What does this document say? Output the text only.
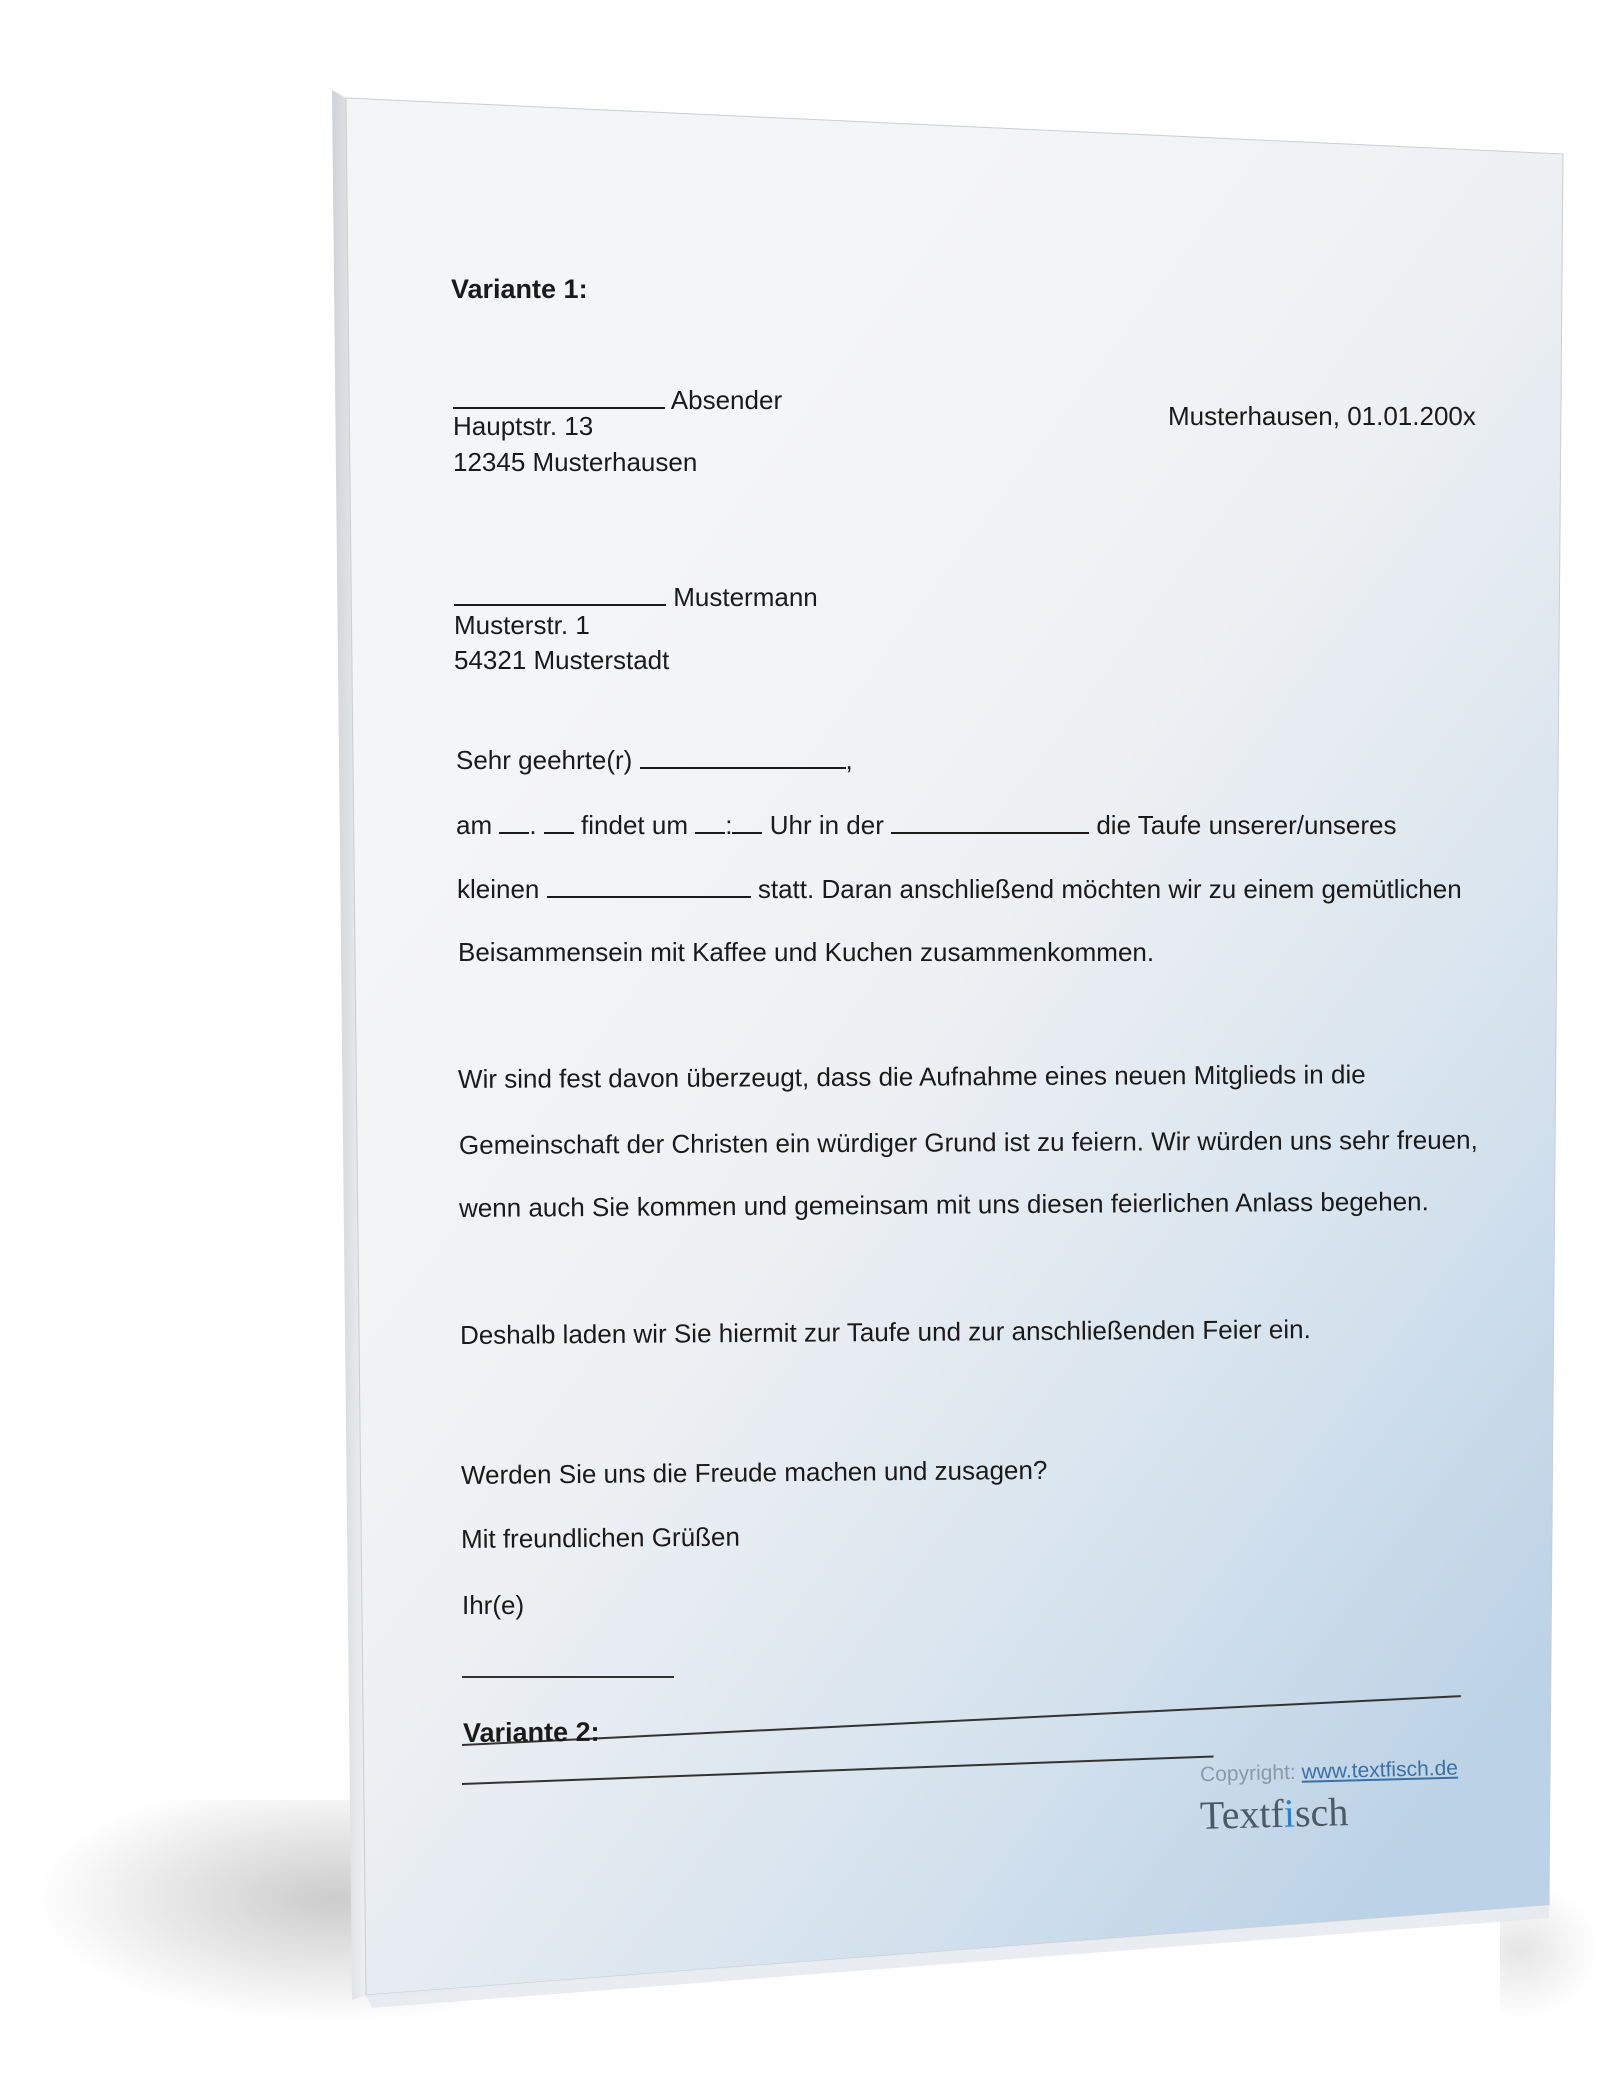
Variante 1:
Absender
Hauptstr. 13
12345 Musterhausen
Musterhausen, 01.01.200x
Mustermann
Musterstr. 1
54321 Musterstadt
Sehr geehrte(r)	,
am .  findet um : Uhr in der	die Taufe unserer/unseres
kleinen	statt. Daran anschließend möchten wir zu einem gemütlichen
Beisammensein mit Kaffee und Kuchen zusammenkommen.
Wir sind fest davon überzeugt, dass die Aufnahme eines neuen Mitglieds in die
Gemeinschaft der Christen ein würdiger Grund ist zu feiern. Wir würden uns sehr freuen,
wenn auch Sie kommen und gemeinsam mit uns diesen feierlichen Anlass begehen.
Deshalb laden wir Sie hiermit zur Taufe und zur anschließenden Feier ein.
Werden Sie uns die Freude machen und zusagen?
Mit freundlichen Grüßen
Ihr(e)
Variante 2:
Copyright: www.textfisch.de
Textfisch
